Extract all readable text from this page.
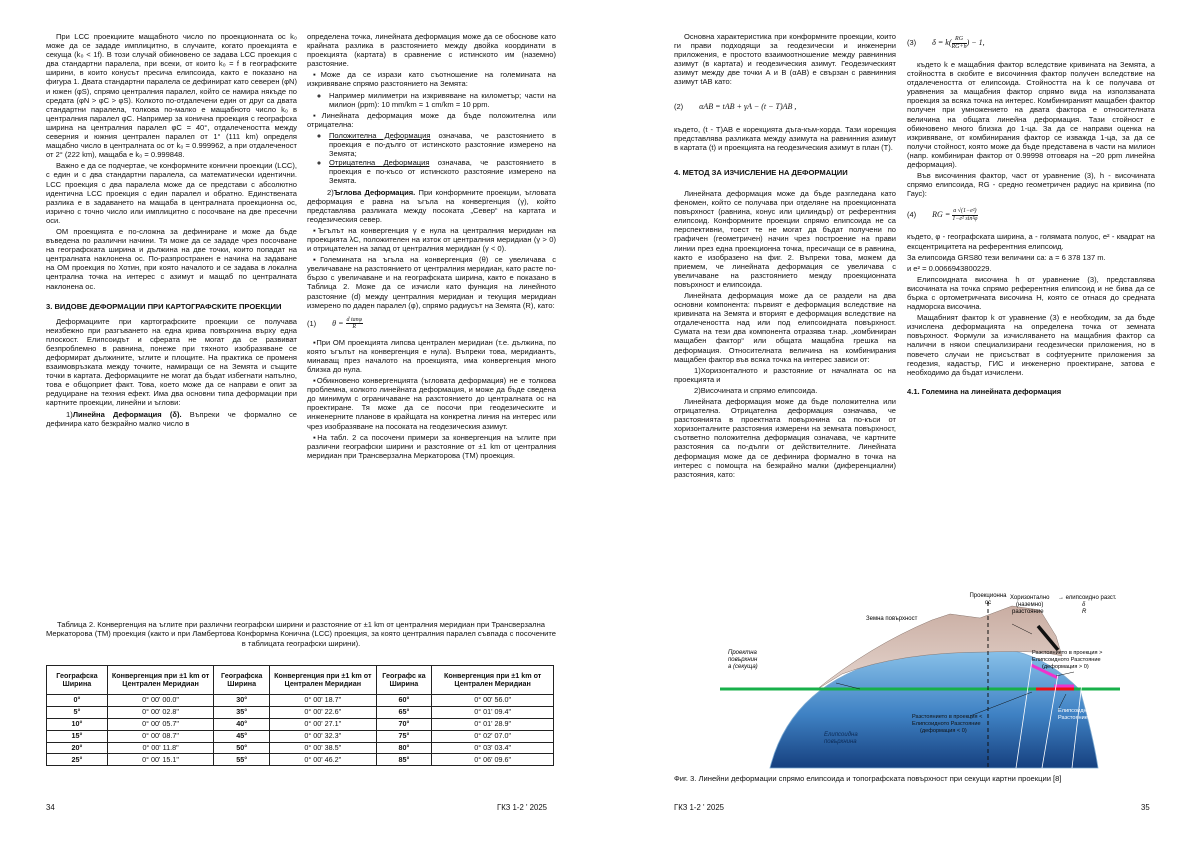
При LCC проекциите мащабното число по проекционната ос k₀ може да се зададе имплицитно, в случаите, когато проекцията е секуща (k₀ < 1f). В този случай обикновено се задава LCC проекция с два стандартни паралела, при всеки, от които k₀ = f в географските ширини, в които конусът пресича елипсоида, както е показано на фигура 1. Двата стандартни паралела се дефинират като северен (φN) и южен (φS), спрямо централния паралел, който се намира някъде по средата (φN > φC > φS). Колкото по-отдалечени един от друг са двата стандартни паралела, толкова по-малко е мащабното число k₀ в централния паралел φC. Например за конична проекция с географска ширина на централния паралел φC = 40°, отдалечеността между северния и южния централен паралел от 1° (111 km) определя мащабно число в централната ос от k₀ = 0.999962, а при отдалеченост от 2° (222 km), мащаба е k₀ = 0.999848.

Важно е да се подчертае, че конформните конични проекции (LCC), с един и с два стандартни паралела, са математически идентични. LCC проекция с два паралела може да се представи с абсолютно идентична LCC проекция с един паралел и обратно. Единствената разлика е в задаването на мащаба в централната проекционна ос, изрично с точно число или имплицитно с посочване на две пресечни оси.

ОМ проекцията е по-сложна за дефиниране и може да бъде въведена по различни начини. Тя може да се зададе чрез посочване на географската ширина и дължина на две точки, които попадат на централната наклонена ос. По-разпространен е начина на задаване на ОМ проекция по Хотин, при която началото и се задава в локална централна точка на интерес с азимут и мащаб по централната наклонена ос.

3. ВИДОВЕ ДЕФОРМАЦИИ ПРИ КАРТОГРАФСКИТЕ ПРОЕКЦИИ

Деформациите при картографските проекции се получава неизбежно при разгъването на една крива повърхнина върху една плоскост. Елипсоидът и сферата не могат да се развиват безпроблемно в равнина, понеже при тяхното изобразяване се деформират дължините, ъглите и площите. На практика се променя взаимовръзката между точките, намиращи се на Земята и същите точки в картата. Деформациите не могат да бъдат избегнати напълно, това е общоприет факт. Това, което може да се направи е опит за редуциране на техния ефект. Има два основни типа деформации при картните проекции, линейни и ъглови:

1)Линейна Деформация (δ). Въпреки че формално се дефинира като безкрайно малко число в

определена точка, линейната деформация може да се обоснове като крайната разлика в разстоянието между двойка координати в проекцията (картата) в сравнение с истинското им (наземно) разстояние.

▪Може да се изрази като съотношение на големината на изкривяване спрямо разстоянието на Земята:

◦ Например милиметри на изкривяване на километър; части на милион (ppm): 10 mm/km = 1 cm/km = 10 ppm.

▪Линейната деформация може да бъде положителна или отрицателна:

◦ Положителна Деформация означава, че разстоянието в проекция е по-дълго от истинското разстояние измерено на Земята;
◦ Отрицателна Деформация означава, че разстоянието в проекция е по-късо от истинското разстояние измерено на Земята.

2)Ъглова Деформация. При конформните проекции, ъгловата деформация е равна на ъгъла на конвергенция (γ), който представлява разликата между посоката „Север“ на картата и геодезическия север.

▪Ъгълът на конвергенция γ е нула на централния меридиан на проекцията λC, положителен на изток от централния меридиан (γ > 0) и отрицателен на запад от централния меридиан (γ < 0).

▪Големината на ъгъла на конвергенция (θ) се увеличава с увеличаване на разстоянието от централния меридиан, като расте по-бързо с увеличаване и на географската ширина, както е показано в Таблица 2. Може да се изчисли като функция на линейното разстояние (d) между централния меридиан и текущия меридиан измерено по даден паралел (φ), спрямо радиусът на Земята (R), като:

(1) $\theta = \frac{\text{d tanφ}}{R}$

▪При ОМ проекцията липсва централен меридиан (т.е. дължина, по която ъгълът на конвергенция е нула). Въпреки това, меридиантъ, минаващ през началото на проекцията, има конвергенция много близка до нула.

▪Обикновено конвергенцията (ъгловата деформация) не е толкова проблемна, колкото линейната деформация, и може да бъде сведена до минимум с ограничаване на разстоянието до централната ос на проектиране. Тя може да се посочи при геодезическите и инженерните планове в крайщата на конкретна линия на интерес или чрез изобразяване на посоката на геодезическия азимут.

▪На табл. 2 са посочени примери за конвергенция на ъглите при различни географски ширини и разстояние от ±1 km от централния меридиан при Трансверзална Меркаторова (ТМ) проекция.

Таблица 2. Конвергенция на ъглите при различни географски ширини и разстояние от ±1 km от централния меридиан при Трансверзална Меркаторова (ТМ) проекция (както и при Ламбертова Конформна Конична (LCC) проекция, за която централния паралел съвпада с посочените в таблицата географски ширини).
Географска Ширина	Конвергенция при ±1 km от Централен Меридиан	Географска Ширина	Конвергенция при ±1 km от Централен Меридиан	Географс ка Ширина	Конвергенция при ±1 km от Централен Меридиан
0°	0° 00' 00.0"	30°	0° 00' 18.7"	60°	0° 00' 56.0"
5°	0° 00' 02.8"	35°	0° 00' 22.6"	65°	0° 01' 09.4"
10°	0° 00' 05.7"	40°	0° 00' 27.1"	70°	0° 01' 28.9"
15°	0° 00' 08.7"	45°	0° 00' 32.3"	75°	0° 02' 07.0"
20°	0° 00' 11.8"	50°	0° 00' 38.5"	80°	0° 03' 03.4"
25°	0° 00' 15.1"	55°	0° 00' 46.2"	85°	0° 06' 09.6"
34	ГКЗ 1-2 ' 2025

Основна характеристика при конформните проекции, които ги прави подходящи за геодезически и инженерни приложения, е простото взаимоотношение между равнинния азимут (в картата) и геодезическия азимут. Геодезическият азимут между две точки А и В (αAB) е свързан с равнинния азимут tAB като:

(2) αAB = tAB + γA − (t − T)AB ,

където, (t - T)AB е корекцията дъга-към-хорда. Тази корекция представлява разликата между азимута на равнинния азимут в картата (t) и проекцията на геодезическия азимут в план (T).

4. МЕТОД ЗА ИЗЧИСЛЕНИЕ НА ДЕФОРМАЦИИ

Линейната деформация може да бъде разгледана като феномен, който се получава при отделяне на проекционната повърхност (равнина, конус или цилиндър) от референтния елипсоид. Конформните проекции спрямо елипсоида не са перспективни, тоест те не могат да бъдат получени по графичен (геометричен) начин чрез построение на прави линии през една проекционна точка, пресичащи се в равнина, както е изобразено на фиг. 2. Въпреки това, можем да приемем, че линейната деформация се увеличава с увеличаване на разстоянието между проекционната повърхност и елипсоида.

Линейната деформация може да се раздели на два основни компонента: първият е деформация вследствие на кривината на Земята и вторият е деформация вследствие на отдалечеността над или под елипсоидната повърхност. Сумата на тези два компонента отразява т.нар. „комбиниран мащабен фактор“ или общата мащабна грешка на деформация. Относителната величина на комбинирания мащабен фактор във всяка точка на интерес зависи от:

1)Хоризонталното и разстояние от началната ос на проекцията и

2)Височината и спрямо елипсоида.

Линейната деформация може да бъде положителна или отрицателна. Отрицателна деформация означава, че разстоянията в проектната повърхнина са по-къси от хоризонталните разстояния измерени на земната повърхност, съответно положителна деформация означава, че картните разстояния са по-дълги от действителните. Линейната деформация може да се дефинира формално в точка на интерес с помощта на безкрайно малки (диференциални) разстояния, като:

(3) $\delta = k( \frac{RG}{RG+h}$ ) − 1,

където k е мащабния фактор вследствие кривината на Земята, а стойността в скобите е височинния фактор получен вследствие на отдалечеността от елипсоида. Стойността на k се получава от уравнения за мащабния фактор спрямо вида на използваната проекция за всяка точка на интерес. Комбинираният мащабен фактор получен при умножението на двата фактора е относителната величина на общата линейна деформация. Тази стойност е обикновено много близка до 1-ца. За да се направи оценка на изкривяване, от комбинирания фактор се изважда 1-ца, за да се получи стойност, която може да бъде представена в части на милион (напр. комбиниран фактор от 0.99998 отговаря на −20 ppm линейна деформация).

Във височинния фактор, част от уравнение (3), h - височината спрямо елипсоида, RG - средно геометричен радиус на кривина (по Гаус):

(4) RG = $\frac{\text{a √(1−e²)}}{\text{1−e² sin²φ}}$

където, φ - географската ширина, a - голямата полуос, e² - квадрат на ексцентрицитета на референтния елипсоид.

За елипсоида GRS80 тези величини са: a = 6 378 137 m.

и e² = 0.0066943800229.

Елипсоидната височина h от уравнение (3), представлява височината на точка спрямо референтния елипсоид и не бива да се бърка с ортометричната височина H, която се отнася до средната надморска височина.

Мащабният фактор k от уравнение (3) е необходим, за да бъде изчислена деформацията на определена точка от земната повърхност. Формули за изчисляването на мащабния фактор са налични в някои специализирани геодезически приложения, но в повечето случаи не присъстват в софтуерните приложения за геодезия, кадастър, ГИС и инженерно проектиране, затова е необходимо да бъдат изчислени.

4.1. Големина на линейната деформация
Земна повърхност
Проекционна
ос
Хоризонтално
(наземно)
разстояние
→ елипсоидно разст.
δ
R
Проектна
повърхнин
а (секуща)
Разстоянието в проекция >
Елипсоидното Разстояние
(деформация > 0)
Елипсоидно
Разстояние
Разстоянието в проекция <
Елипсоидното Разстояние
(деформация < 0)
Елипсоидна
повърхнина
Фиг. 3. Линейни деформации спрямо елипсоида и топографската повърхност при секущи картни проекции [8]
ГКЗ 1-2 ' 2025	35
